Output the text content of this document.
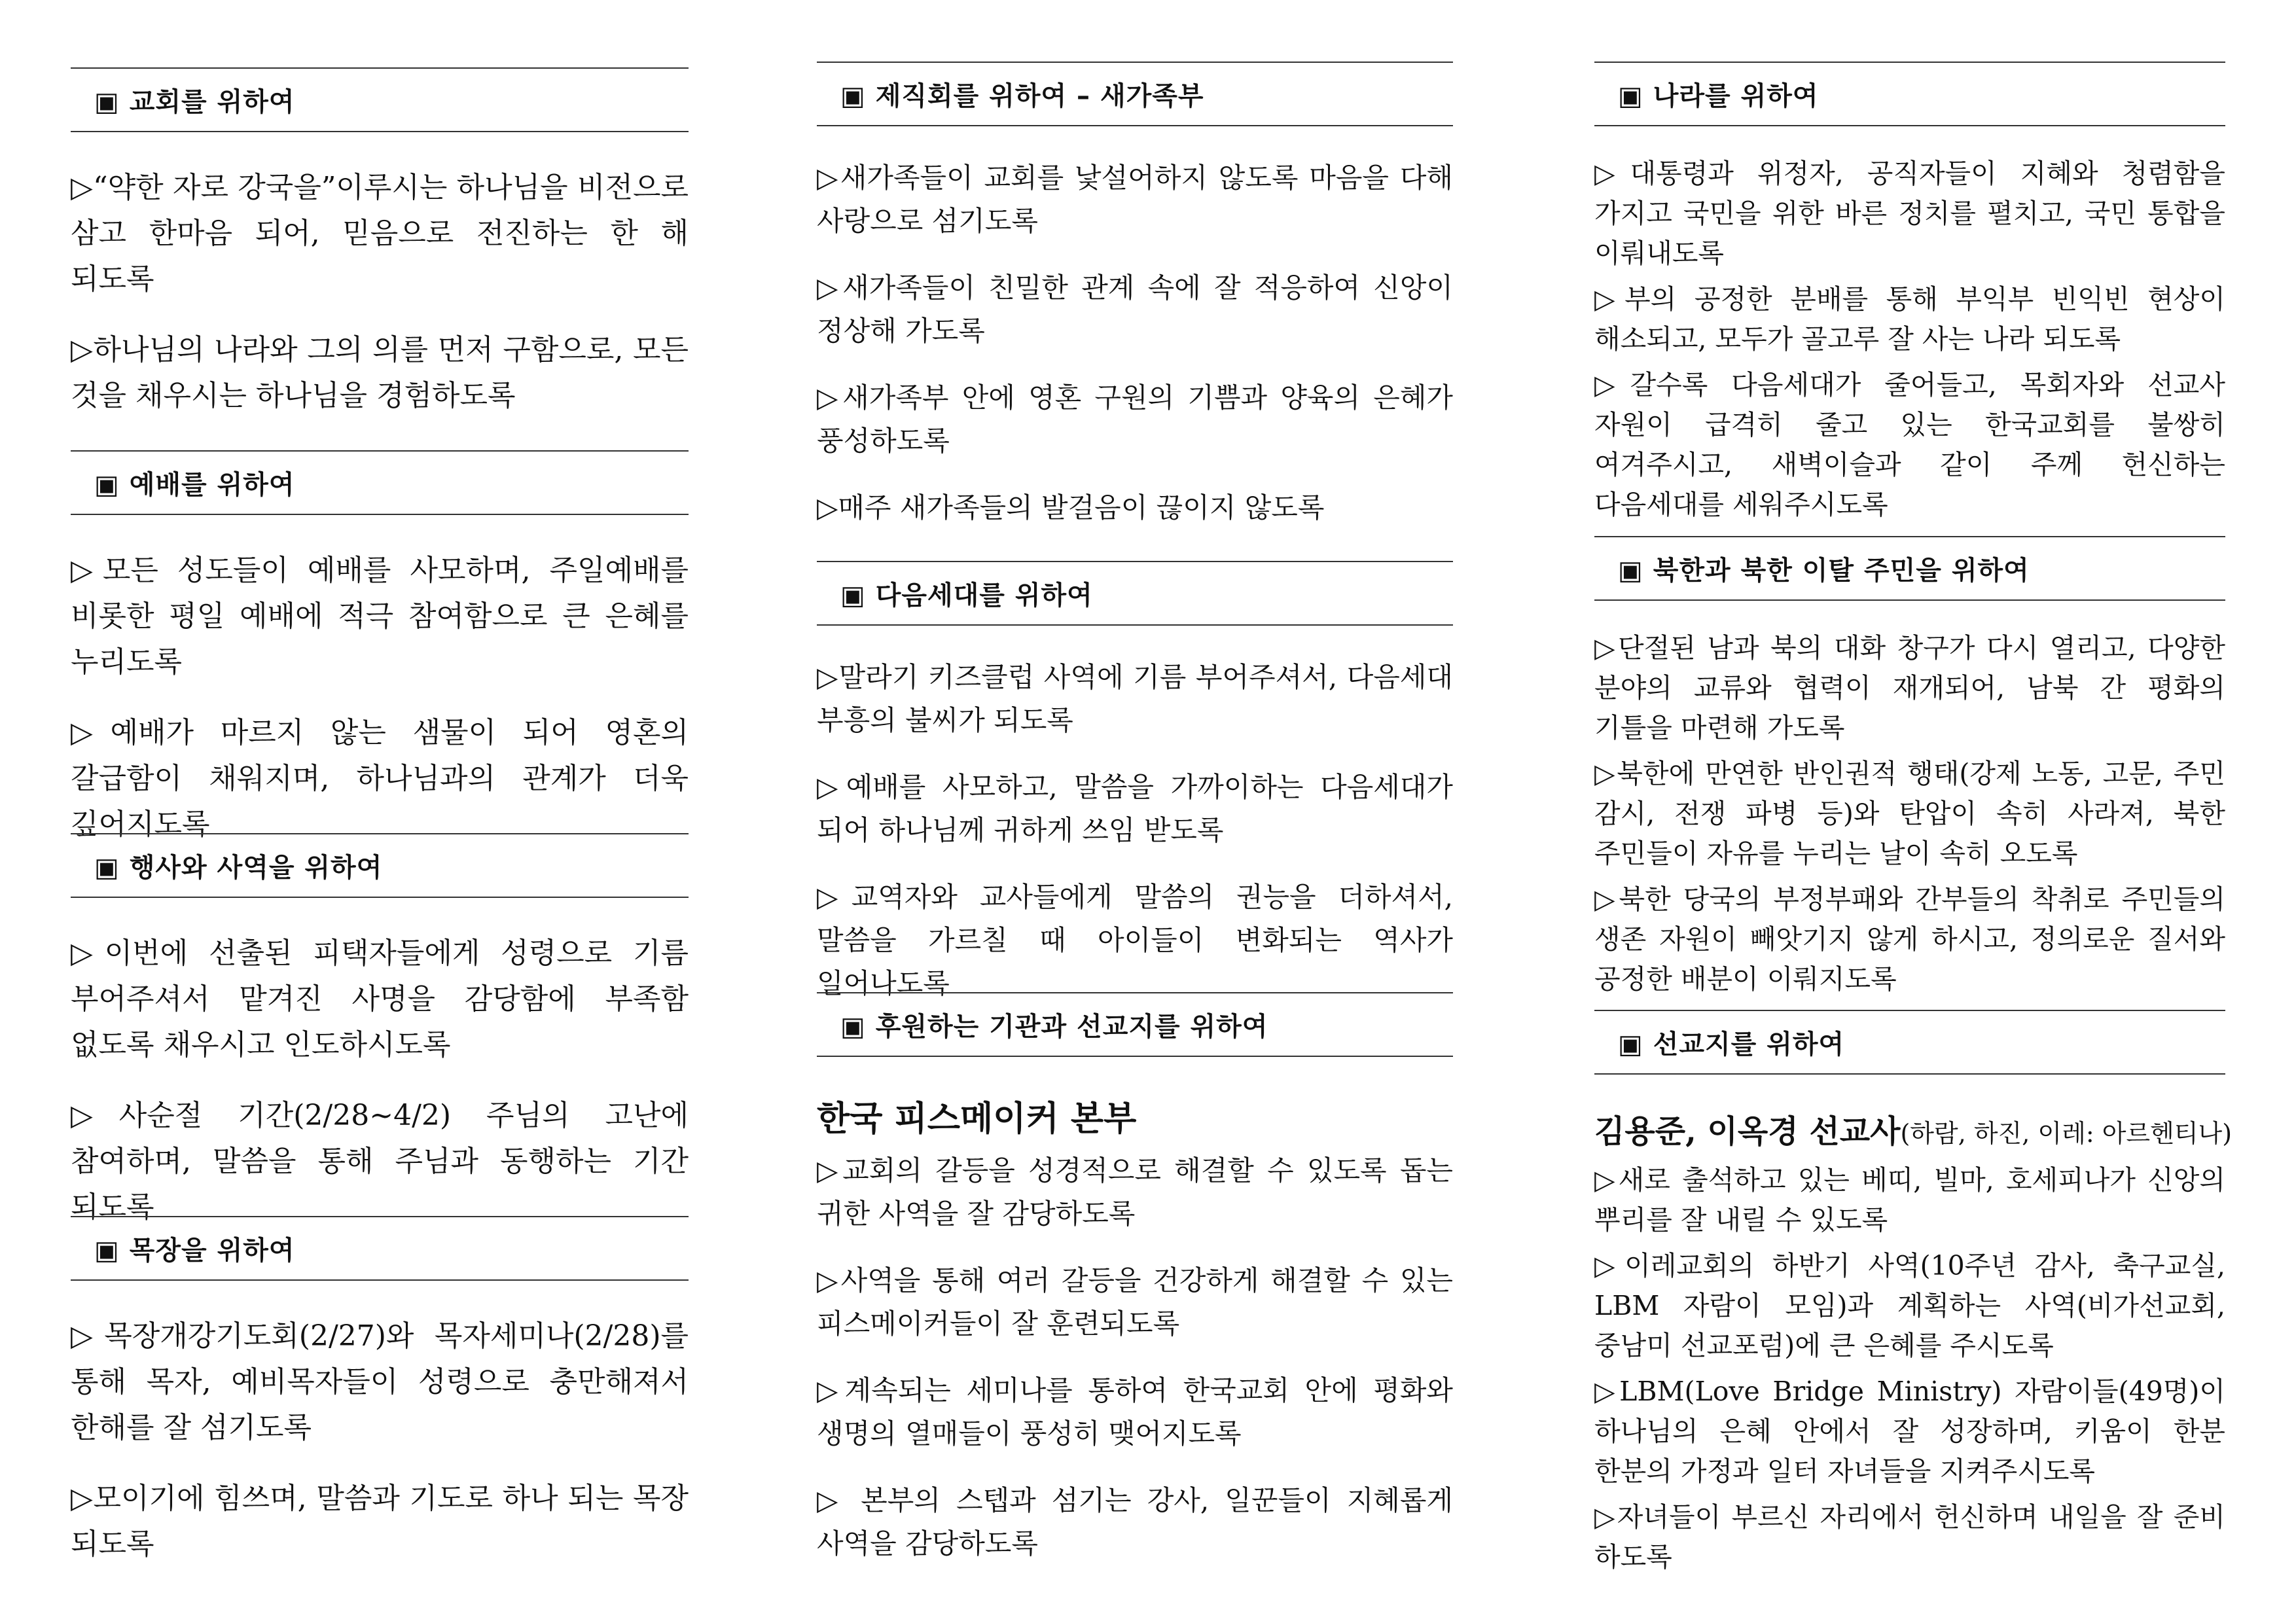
▣ 교회를 위하여
▷“약한 자로 강국을”이루시는 하나님을 비전으로 삼고 한마음 되어, 믿음으로 전진하는 한 해 되도록
▷하나님의 나라와 그의 의를 먼저 구함으로, 모든 것을 채우시는 하나님을 경험하도록
▣ 예배를 위하여
▷모든 성도들이 예배를 사모하며, 주일예배를 비롯한 평일 예배에 적극 참여함으로 큰 은혜를 누리도록
▷예배가 마르지 않는 샘물이 되어 영혼의 갈급함이 채워지며, 하나님과의 관계가 더욱 깊어지도록
▣ 행사와 사역을 위하여
▷이번에 선출된 피택자들에게 성령으로 기름 부어주셔서 맡겨진 사명을 감당함에 부족함 없도록 채우시고 인도하시도록
▷사순절 기간(2/28~4/2) 주님의 고난에 참여하며, 말씀을 통해 주님과 동행하는 기간 되도록
▣ 목장을 위하여
▷목장개강기도회(2/27)와 목자세미나(2/28)를 통해 목자, 예비목자들이 성령으로 충만해져서 한해를 잘 섬기도록
▷모이기에 힘쓰며, 말씀과 기도로 하나 되는 목장 되도록
▣ 제직회를 위하여 – 새가족부
▷새가족들이 교회를 낯설어하지 않도록 마음을 다해 사랑으로 섬기도록
▷새가족들이 친밀한 관계 속에 잘 적응하여 신앙이 정상해 가도록
▷새가족부 안에 영혼 구원의 기쁨과 양육의 은혜가 풍성하도록
▷매주 새가족들의 발걸음이 끊이지 않도록
▣ 다음세대를 위하여
▷말라기 키즈클럽 사역에 기름 부어주셔서, 다음세대 부흥의 불씨가 되도록
▷예배를 사모하고, 말씀을 가까이하는 다음세대가 되어 하나님께 귀하게 쓰임 받도록
▷교역자와 교사들에게 말씀의 권능을 더하셔서, 말씀을 가르칠 때 아이들이 변화되는 역사가 일어나도록
▣ 후원하는 기관과 선교지를 위하여
한국 피스메이커 본부
▷교회의 갈등을 성경적으로 해결할 수 있도록 돕는 귀한 사역을 잘 감당하도록
▷사역을 통해 여러 갈등을 건강하게 해결할 수 있는 피스메이커들이 잘 훈련되도록
▷계속되는 세미나를 통하여 한국교회 안에 평화와 생명의 열매들이 풍성히 맺어지도록
▷ 본부의 스텝과 섬기는 강사, 일꾼들이 지혜롭게 사역을 감당하도록
▣ 나라를 위하여
▷대통령과 위정자, 공직자들이 지혜와 청렴함을 가지고 국민을 위한 바른 정치를 펼치고, 국민 통합을 이뤄내도록
▷부의 공정한 분배를 통해 부익부 빈익빈 현상이 해소되고, 모두가 골고루 잘 사는 나라 되도록
▷갈수록 다음세대가 줄어들고, 목회자와 선교사 자원이 급격히 줄고 있는 한국교회를 불쌍히 여겨주시고, 새벽이슬과 같이 주께 헌신하는 다음세대를 세워주시도록
▣ 북한과 북한 이탈 주민을 위하여
▷단절된 남과 북의 대화 창구가 다시 열리고, 다양한 분야의 교류와 협력이 재개되어, 남북 간 평화의 기틀을 마련해 가도록
▷북한에 만연한 반인권적 행태(강제 노동, 고문, 주민 감시, 전쟁 파병 등)와 탄압이 속히 사라져, 북한 주민들이 자유를 누리는 날이 속히 오도록
▷북한 당국의 부정부패와 간부들의 착취로 주민들의 생존 자원이 빼앗기지 않게 하시고, 정의로운 질서와 공정한 배분이 이뤄지도록
▣ 선교지를 위하여
김용준, 이옥경 선교사(하람, 하진, 이레: 아르헨티나)
▷새로 출석하고 있는 베띠, 빌마, 호세피나가 신앙의 뿌리를 잘 내릴 수 있도록
▷이레교회의 하반기 사역(10주년 감사, 축구교실, LBM 자람이 모임)과 계획하는 사역(비가선교회, 중남미 선교포럼)에 큰 은혜를 주시도록
▷LBM(Love Bridge Ministry) 자람이들(49명)이 하나님의 은혜 안에서 잘 성장하며, 키움이 한분 한분의 가정과 일터 자녀들을 지켜주시도록
▷자녀들이 부르신 자리에서 헌신하며 내일을 잘 준비 하도록
